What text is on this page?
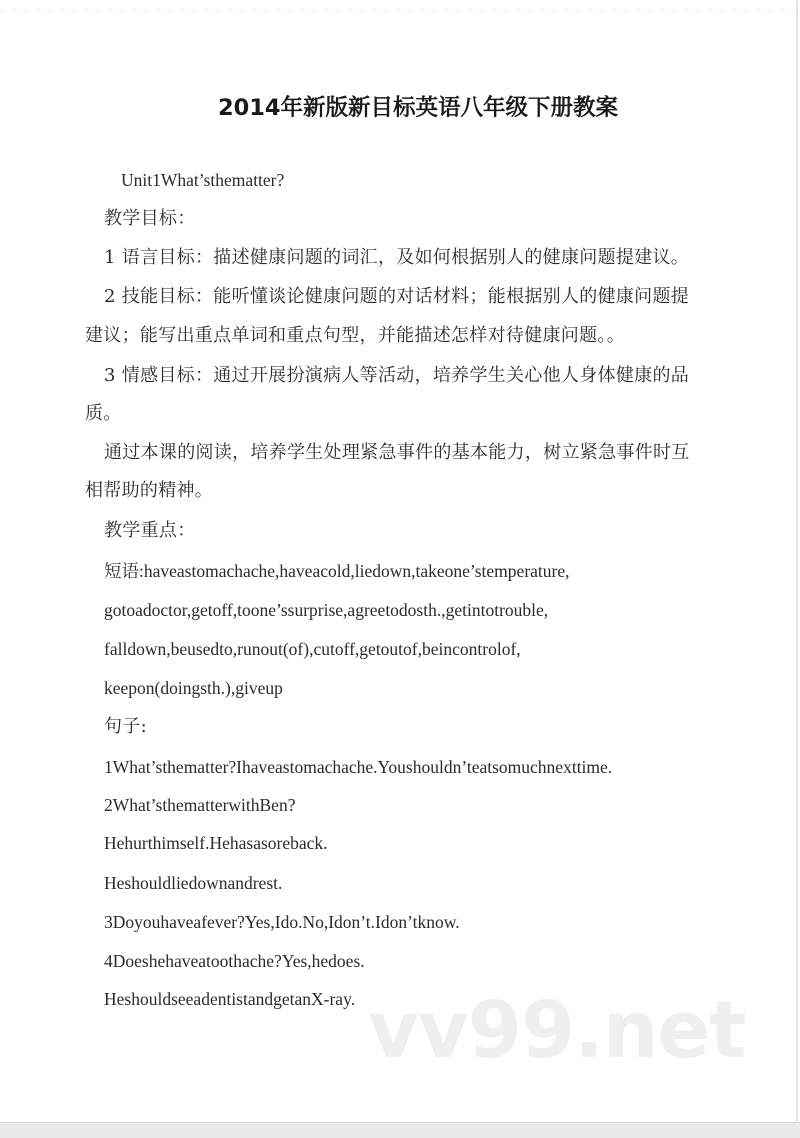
2014年新版新目标英语八年级下册教案
Unit1What’sthematter?
教学目标：
1 语言目标：描述健康问题的词汇，及如何根据别人的健康问题提建议。
2 技能目标：能听懂谈论健康问题的对话材料；能根据别人的健康问题提
建议；能写出重点单词和重点句型，并能描述怎样对待健康问题。。
3 情感目标：通过开展扮演病人等活动，培养学生关心他人身体健康的品
质。
通过本课的阅读，培养学生处理紧急事件的基本能力，树立紧急事件时互
相帮助的精神。
教学重点：
短语:haveastomachache,haveacold,liedown,takeone’stemperature,
gotoadoctor,getoff,toone’ssurprise,agreetodosth.,getintotrouble,
falldown,beusedto,runout(of),cutoff,getoutof,beincontrolof,
keepon(doingsth.),giveup
句子:
1What’sthematter?Ihaveastomachache.Youshouldn’teatsomuchnexttime.
2What’sthematterwithBen?
Hehurthimself.Hehasasoreback.
Heshouldliedownandrest.
3Doyouhaveafever?Yes,Ido.No,Idon’t.Idon’tknow.
4Doeshehaveatoothache?Yes,hedoes.
HeshouldseeadentistandgetanX-ray. vv99.net
